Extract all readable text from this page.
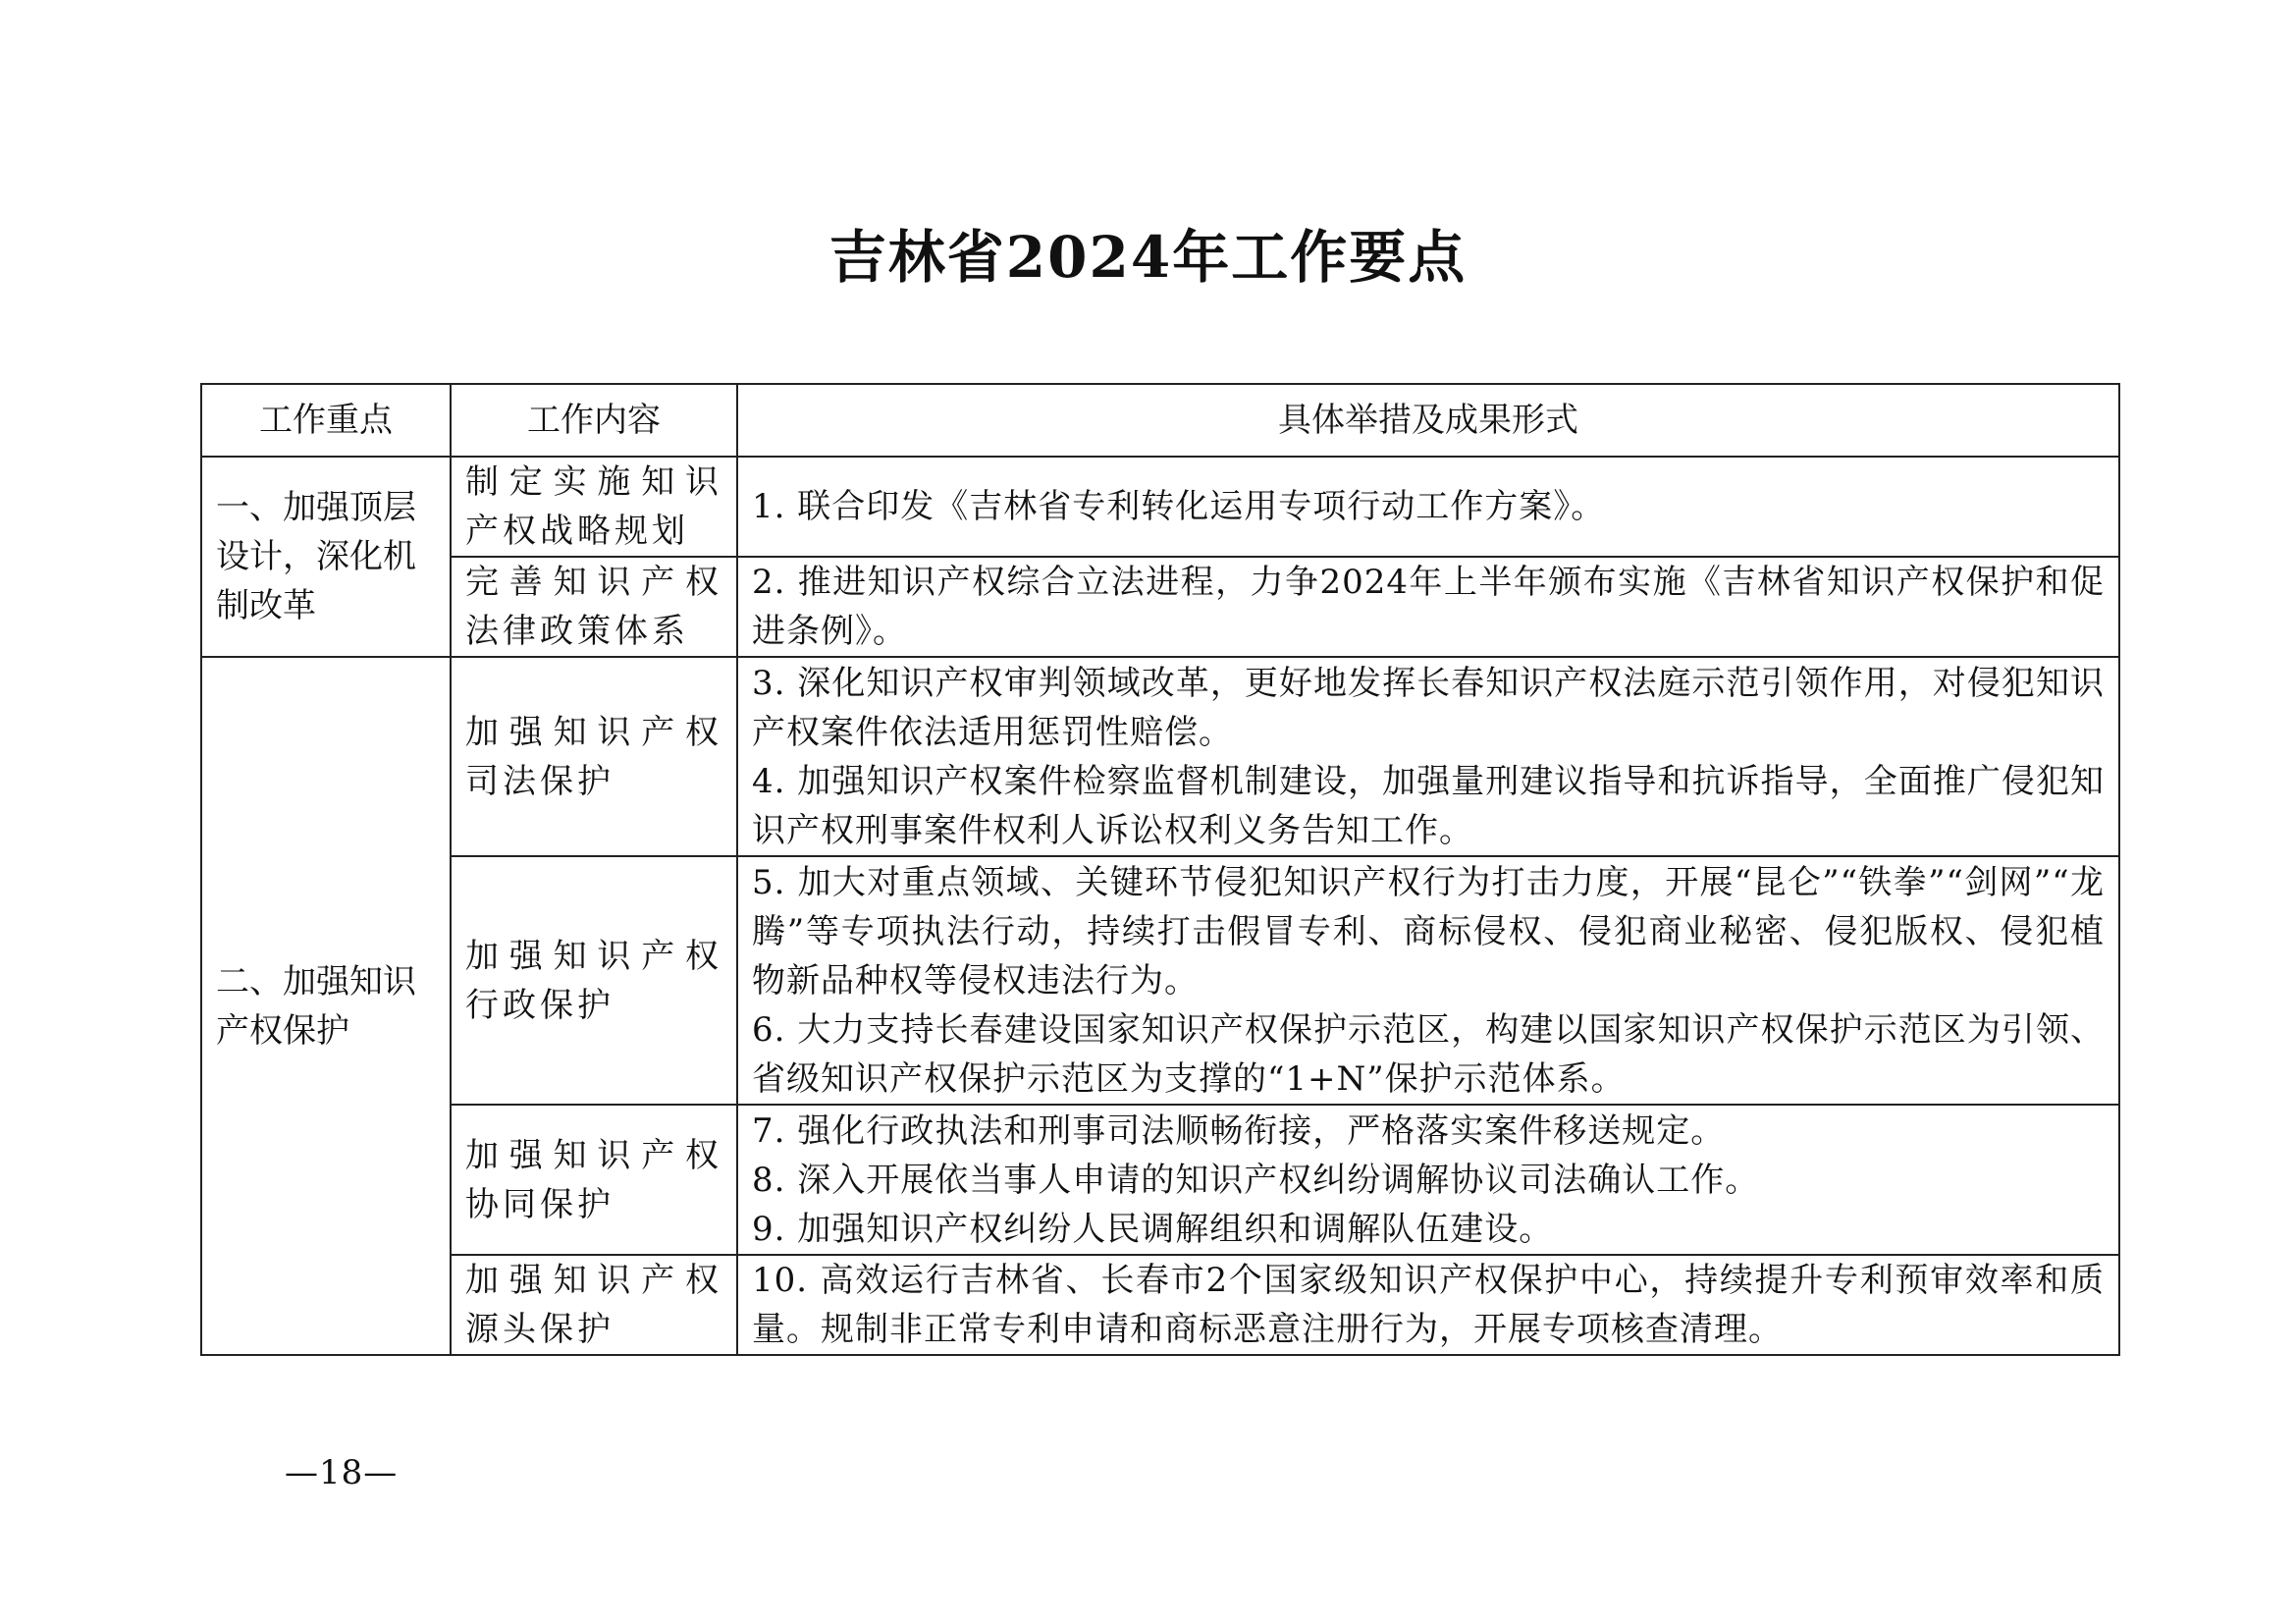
吉林省2024年工作要点
工作重点	工作内容	具体举措及成果形式
一、加强顶层设计，深化机制改革	制定实施知识产权战略规划	1. 联合印发《吉林省专利转化运用专项行动工作方案》。

	完善知识产权法律政策体系	2. 推进知识产权综合立法进程，力争2024年上半年颁布实施《吉林省知识产权保护和促进条例》。

二、加强知识产权保护	加强知识产权司法保护	3. 深化知识产权审判领域改革，更好地发挥长春知识产权法庭示范引领作用，对侵犯知识产权案件依法适用惩罚性赔偿。
4. 加强知识产权案件检察监督机制建设，加强量刑建议指导和抗诉指导，全面推广侵犯知识产权刑事案件权利人诉讼权利义务告知工作。

	加强知识产权行政保护	5. 加大对重点领域、关键环节侵犯知识产权行为打击力度，开展“昆仑”“铁拳”“剑网”“龙腾”等专项执法行动，持续打击假冒专利、商标侵权、侵犯商业秘密、侵犯版权、侵犯植物新品种权等侵权违法行为。
6. 大力支持长春建设国家知识产权保护示范区，构建以国家知识产权保护示范区为引领、省级知识产权保护示范区为支撑的“1+N”保护示范体系。

	加强知识产权协同保护	7. 强化行政执法和刑事司法顺畅衔接，严格落实案件移送规定。
8. 深入开展依当事人申请的知识产权纠纷调解协议司法确认工作。
9. 加强知识产权纠纷人民调解组织和调解队伍建设。

	加强知识产权源头保护	10. 高效运行吉林省、长春市2个国家级知识产权保护中心，持续提升专利预审效率和质量。规制非正常专利申请和商标恶意注册行为，开展专项核查清理。
—18—
